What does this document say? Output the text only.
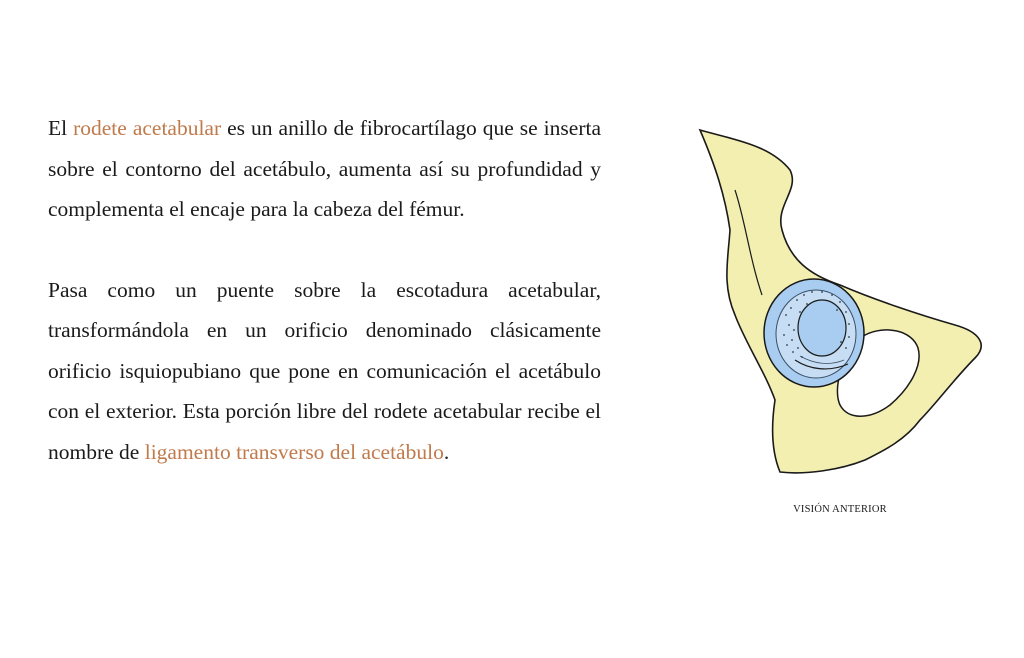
El rodete acetabular es un anillo de fibrocartílago que se inserta sobre el contorno del acetábulo, aumenta así su profundidad y complementa el encaje para la cabeza del fémur.

Pasa como un puente sobre la escotadura acetabular, transformándola en un orificio denominado clásicamente orificio isquiopubiano que pone en comunicación el acetábulo con el exterior. Esta porción libre del rodete acetabular recibe el nombre de ligamento transverso del acetábulo.

VISIÓN ANTERIOR
